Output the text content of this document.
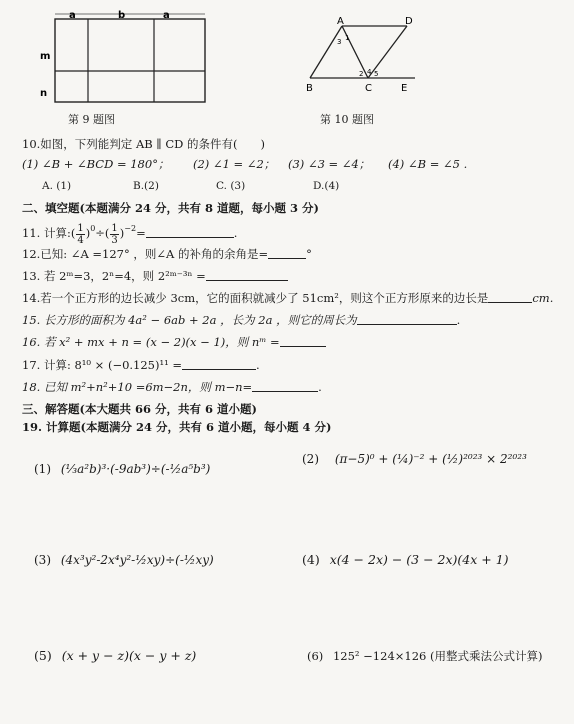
a	b	a
m
n
第 9 题图
A	D
B	C	E
1
3
2 4 5
第 10 题图
10.如图，下列能判定 AB ∥ CD 的条件有(　　)
(1) ∠B + ∠BCD = 180°； (2) ∠1 = ∠2； (3) ∠3 = ∠4； (4) ∠B = ∠5 .
A. (1)	B.(2)	C. (3)	D.(4)
二、填空题(本题满分 24 分，共有 8 道题，每小题 3 分)
11. 计算:( $\frac{1}{4} )^0\div( \frac{1}{3} )^{-2}=$	.
12.已知: ∠A =127° ，则∠A 的补角的余角是=	°
13. 若 2ᵐ=3，2ⁿ=4，则 2²ᵐ⁻³ⁿ =
14.若一个正方形的边长减少 3cm，它的面积就减少了 51cm²，则这个正方形原来的边长是	cm.
15. 长方形的面积为 4a² − 6ab + 2a ，长为 2a ，则它的周长为	.
16. 若 x² + mx + n = (x − 2)(x − 1)，则 nᵐ =
17. 计算: 8¹⁰ × (−0.125)¹¹ =	.
18. 已知 m²+n²+10 =6m−2n，则 m−n=	.
三、解答题(本大题共 66 分，共有 6 道小题)
19. 计算题(本题满分 24 分，共有 6 道小题，每小题 4 分)
(1) (⅓a²b)³·(-9ab³)÷(-½a⁵b³)
(2) (π−5)⁰ + (¼)⁻² + (½)²⁰²³ × 2²⁰²³
(3) (4x³y²-2x⁴y²-½xy)÷(-½xy)	(4) x(4 − 2x) − (3 − 2x)(4x + 1)
(5) (x + y − z)(x − y + z)	(6) 125² −124×126 (用整式乘法公式计算)
